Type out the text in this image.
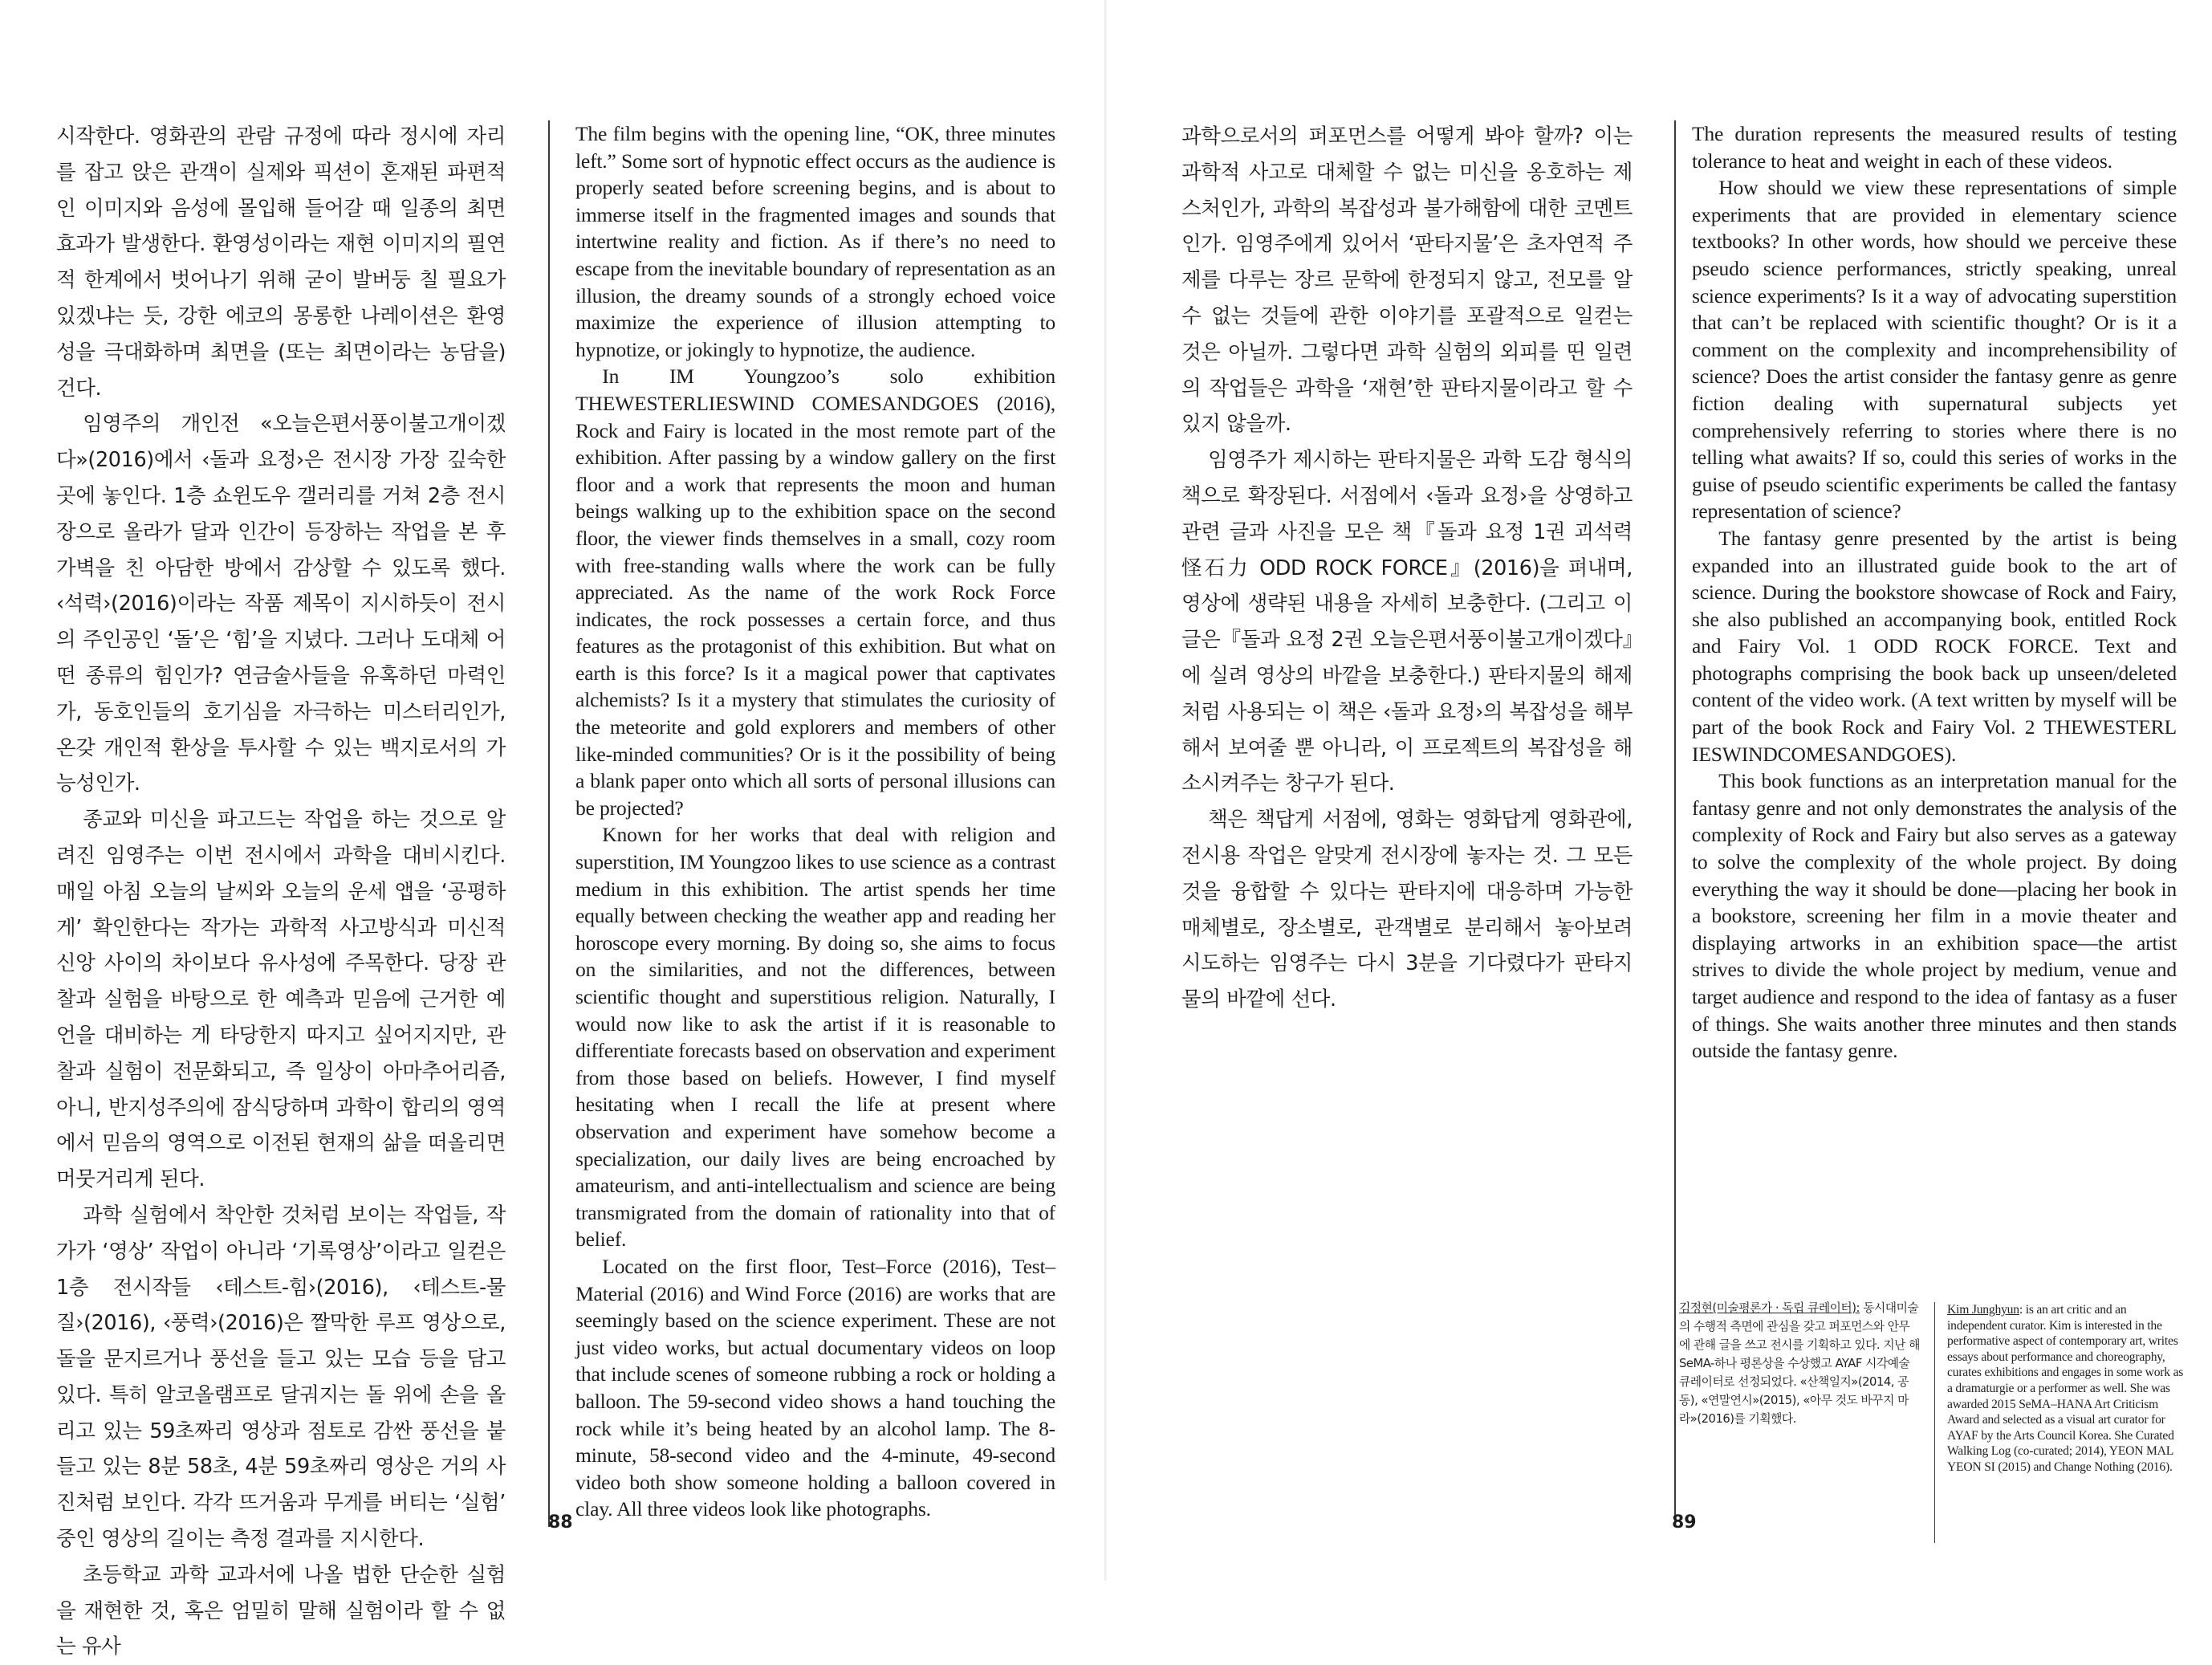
시작한다. 영화관의 관람 규정에 따라 정시에 자리를 잡고 앉은 관객이 실제와 픽션이 혼재된 파편적인 이미지와 음성에 몰입해 들어갈 때 일종의 최면 효과가 발생한다. 환영성이라는 재현 이미지의 필연적 한계에서 벗어나기 위해 굳이 발버둥 칠 필요가 있겠냐는 듯, 강한 에코의 몽롱한 나레이션은 환영성을 극대화하며 최면을 (또는 최면이라는 농담을) 건다.

임영주의 개인전 «오늘은편서풍이불고개이겠다»(2016)에서 ‹돌과 요정›은 전시장 가장 깊숙한 곳에 놓인다. 1층 쇼윈도우 갤러리를 거쳐 2층 전시장으로 올라가 달과 인간이 등장하는 작업을 본 후 가벽을 친 아담한 방에서 감상할 수 있도록 했다. ‹석력›(2016)이라는 작품 제목이 지시하듯이 전시의 주인공인 ‘돌’은 ‘힘’을 지녔다. 그러나 도대체 어떤 종류의 힘인가? 연금술사들을 유혹하던 마력인가, 동호인들의 호기심을 자극하는 미스터리인가, 온갖 개인적 환상을 투사할 수 있는 백지로서의 가능성인가.

종교와 미신을 파고드는 작업을 하는 것으로 알려진 임영주는 이번 전시에서 과학을 대비시킨다. 매일 아침 오늘의 날씨와 오늘의 운세 앱을 ‘공평하게’ 확인한다는 작가는 과학적 사고방식과 미신적 신앙 사이의 차이보다 유사성에 주목한다. 당장 관찰과 실험을 바탕으로 한 예측과 믿음에 근거한 예언을 대비하는 게 타당한지 따지고 싶어지지만, 관찰과 실험이 전문화되고, 즉 일상이 아마추어리즘, 아니, 반지성주의에 잠식당하며 과학이 합리의 영역에서 믿음의 영역으로 이전된 현재의 삶을 떠올리면 머뭇거리게 된다.

과학 실험에서 착안한 것처럼 보이는 작업들, 작가가 ‘영상’ 작업이 아니라 ‘기록영상’이라고 일컫은 1층 전시작들 ‹테스트-힘›(2016), ‹테스트-물질›(2016), ‹풍력›(2016)은 짤막한 루프 영상으로, 돌을 문지르거나 풍선을 들고 있는 모습 등을 담고 있다. 특히 알코올램프로 달궈지는 돌 위에 손을 올리고 있는 59초짜리 영상과 점토로 감싼 풍선을 붙들고 있는 8분 58초, 4분 59초짜리 영상은 거의 사진처럼 보인다. 각각 뜨거움과 무게를 버티는 ‘실험’ 중인 영상의 길이는 측정 결과를 지시한다.

초등학교 과학 교과서에 나올 법한 단순한 실험을 재현한 것, 혹은 엄밀히 말해 실험이라 할 수 없는 유사

The film begins with the opening line, “OK, three minutes left.” Some sort of hypnotic effect occurs as the audience is properly seated before screening begins, and is about to immerse itself in the fragmented images and sounds that intertwine reality and fiction. As if there’s no need to escape from the inevitable boundary of representation as an illusion, the dreamy sounds of a strongly echoed voice maximize the experience of illusion attempting to hypnotize, or jokingly to hypnotize, the audience.

In IM Youngzoo’s solo exhibition THEWESTERLIESWIND COMESANDGOES (2016), Rock and Fairy is located in the most remote part of the exhibition. After passing by a window gallery on the first floor and a work that represents the moon and human beings walking up to the exhibition space on the second floor, the viewer finds themselves in a small, cozy room with free-standing walls where the work can be fully appreciated. As the name of the work Rock Force indicates, the rock possesses a certain force, and thus features as the protagonist of this exhibition. But what on earth is this force? Is it a magical power that captivates alchemists? Is it a mystery that stimulates the curiosity of the meteorite and gold explorers and members of other like-minded communities? Or is it the possibility of being a blank paper onto which all sorts of personal illusions can be projected?

Known for her works that deal with religion and superstition, IM Youngzoo likes to use science as a contrast medium in this exhibition. The artist spends her time equally between checking the weather app and reading her horoscope every morning. By doing so, she aims to focus on the similarities, and not the differences, between scientific thought and superstitious religion. Naturally, I would now like to ask the artist if it is reasonable to differentiate forecasts based on observation and experiment from those based on beliefs. However, I find myself hesitating when I recall the life at present where observation and experiment have somehow become a specialization, our daily lives are being encroached by amateurism, and anti-intellectualism and science are being transmigrated from the domain of rationality into that of belief.

Located on the first floor, Test–Force (2016), Test–Material (2016) and Wind Force (2016) are works that are seemingly based on the science experiment. These are not just video works, but actual documentary videos on loop that include scenes of someone rubbing a rock or holding a balloon. The 59-second video shows a hand touching the rock while it’s being heated by an alcohol lamp. The 8-minute, 58-second video and the 4-minute, 49-second video both show someone holding a balloon covered in clay. All three videos look like photographs.

88

과학으로서의 퍼포먼스를 어떻게 봐야 할까? 이는 과학적 사고로 대체할 수 없는 미신을 옹호하는 제스처인가, 과학의 복잡성과 불가해함에 대한 코멘트인가. 임영주에게 있어서 ‘판타지물’은 초자연적 주제를 다루는 장르 문학에 한정되지 않고, 전모를 알 수 없는 것들에 관한 이야기를 포괄적으로 일컫는 것은 아닐까. 그렇다면 과학 실험의 외피를 띤 일련의 작업들은 과학을 ‘재현’한 판타지물이라고 할 수 있지 않을까.

임영주가 제시하는 판타지물은 과학 도감 형식의 책으로 확장된다. 서점에서 ‹돌과 요정›을 상영하고 관련 글과 사진을 모은 책『돌과 요정 1권 괴석력 怪石力 ODD ROCK FORCE』(2016)을 펴내며, 영상에 생략된 내용을 자세히 보충한다. (그리고 이 글은『돌과 요정 2권 오늘은편서풍이불고개이겠다』에 실려 영상의 바깥을 보충한다.) 판타지물의 해제처럼 사용되는 이 책은 ‹돌과 요정›의 복잡성을 해부해서 보여줄 뿐 아니라, 이 프로젝트의 복잡성을 해소시켜주는 창구가 된다.

책은 책답게 서점에, 영화는 영화답게 영화관에, 전시용 작업은 알맞게 전시장에 놓자는 것. 그 모든 것을 융합할 수 있다는 판타지에 대응하며 가능한 매체별로, 장소별로, 관객별로 분리해서 놓아보려 시도하는 임영주는 다시 3분을 기다렸다가 판타지물의 바깥에 선다.

The duration represents the measured results of testing tolerance to heat and weight in each of these videos.

How should we view these representations of simple experiments that are provided in elementary science textbooks? In other words, how should we perceive these pseudo science performances, strictly speaking, unreal science experiments? Is it a way of advocating superstition that can’t be replaced with scientific thought? Or is it a comment on the complexity and incomprehensibility of science? Does the artist consider the fantasy genre as genre fiction dealing with supernatural subjects yet comprehensively referring to stories where there is no telling what awaits? If so, could this series of works in the guise of pseudo scientific experiments be called the fantasy representation of science?

The fantasy genre presented by the artist is being expanded into an illustrated guide book to the art of science. During the bookstore showcase of Rock and Fairy, she also published an accompanying book, entitled Rock and Fairy Vol. 1 ODD ROCK FORCE. Text and photographs comprising the book back up unseen/deleted content of the video work. (A text written by myself will be part of the book Rock and Fairy Vol. 2 THEWESTERL IESWINDCOMESANDGOES).

This book functions as an interpretation manual for the fantasy genre and not only demonstrates the analysis of the complexity of Rock and Fairy but also serves as a gateway to solve the complexity of the whole project. By doing everything the way it should be done—placing her book in a bookstore, screening her film in a movie theater and displaying artworks in an exhibition space—the artist strives to divide the whole project by medium, venue and target audience and respond to the idea of fantasy as a fuser of things. She waits another three minutes and then stands outside the fantasy genre.

89
김정현(미술평론가 · 독립 큐레이터): 동시대미술의 수행적 측면에 관심을 갖고 퍼포먼스와 안무에 관해 글을 쓰고 전시를 기획하고 있다. 지난 해 SeMA-하나 평론상을 수상했고 AYAF 시각예술 큐레이터로 선정되었다. «산책일지»(2014, 공동), «연말연시»(2015), «아무 것도 바꾸지 마라»(2016)를 기획했다.
Kim Junghyun: is an art critic and an independent curator. Kim is interested in the performative aspect of contemporary art, writes essays about performance and choreography, curates exhibitions and engages in some work as a dramaturgie or a performer as well. She was awarded 2015 SeMA–HANA Art Criticism Award and selected as a visual art curator for AYAF by the Arts Council Korea. She Curated Walking Log (co-curated; 2014), YEON MAL YEON SI (2015) and Change Nothing (2016).
